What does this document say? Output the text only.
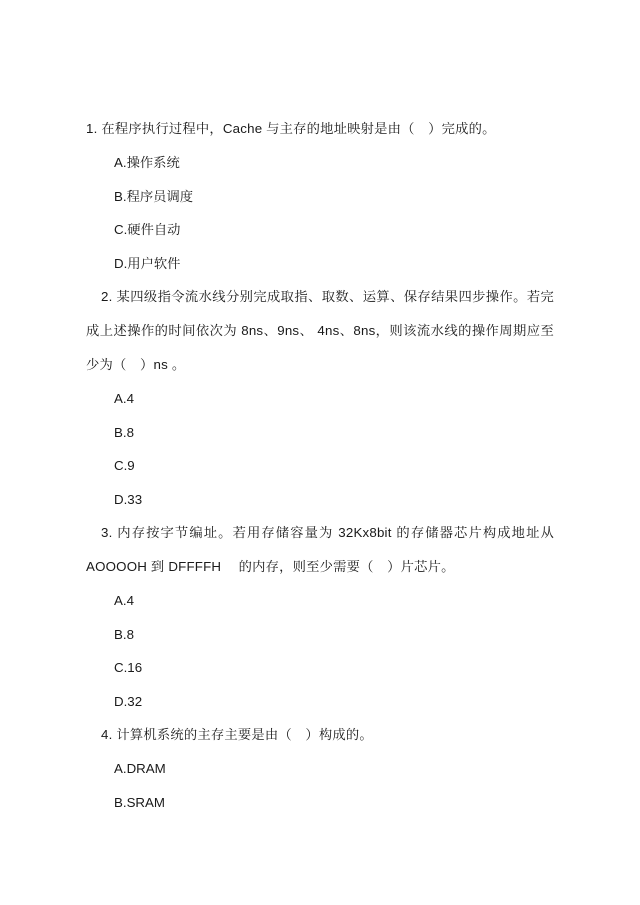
1. 在程序执行过程中，Cache 与主存的地址映射是由（　）完成的。

A.操作系统

B.程序员调度

C.硬件自动

D.用户软件

2. 某四级指令流水线分别完成取指、取数、运算、保存结果四步操作。若完成上述操作的时间依次为 8ns、9ns、 4ns、8ns，则该流水线的操作周期应至少为（　）ns 。

A.4

B.8

C.9

D.33

3. 内存按字节编址。若用存储容量为 32Kx8bit 的存储器芯片构成地址从 AOOOOH 到 DFFFFH 　的内存，则至少需要（　）片芯片。

A.4

B.8

C.16

D.32

4. 计算机系统的主存主要是由（　）构成的。

A.DRAM

B.SRAM
